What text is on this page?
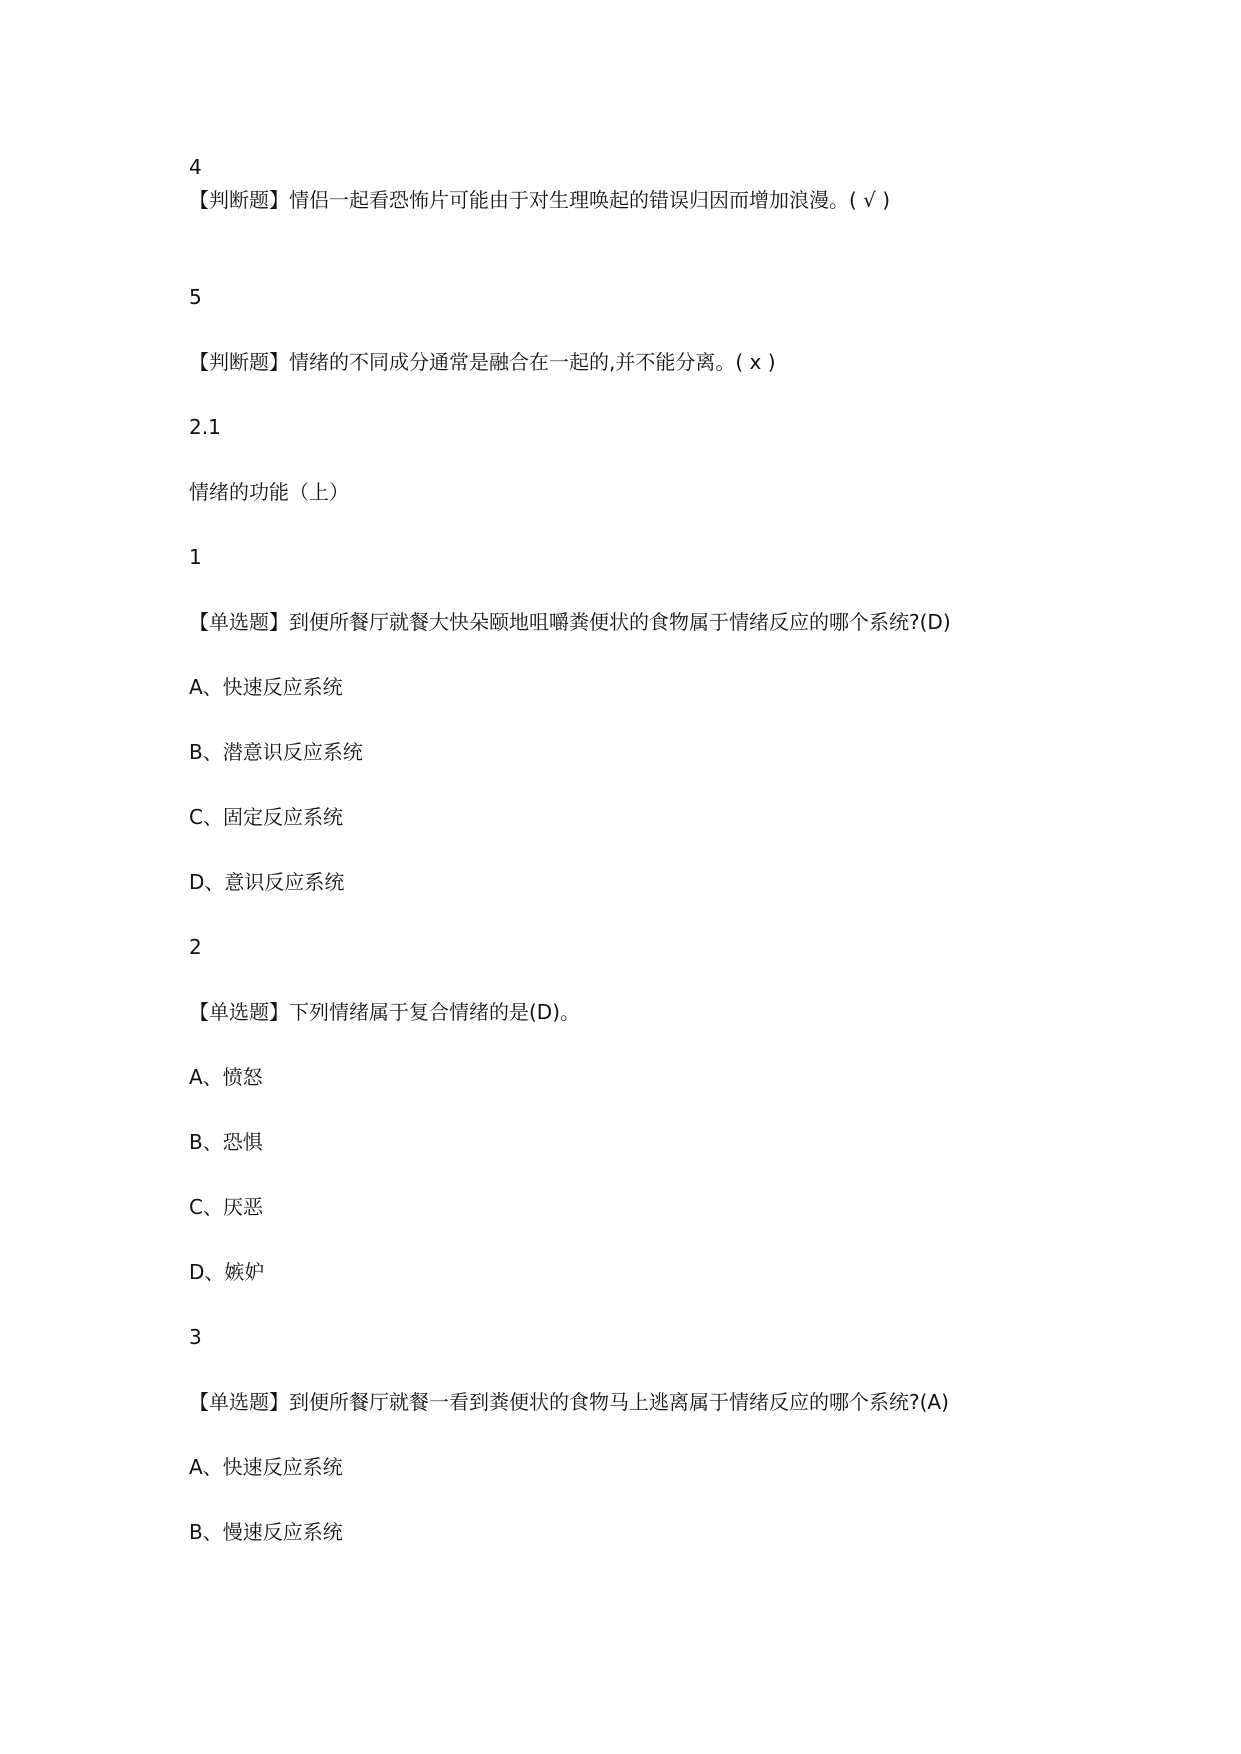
4
【判断题】情侣一起看恐怖片可能由于对生理唤起的错误归因而增加浪漫。( √ )
5
【判断题】情绪的不同成分通常是融合在一起的,并不能分离。( x )
2.1
情绪的功能（上）
1
【单选题】到便所餐厅就餐大快朵颐地咀嚼粪便状的食物属于情绪反应的哪个系统?(D)
A、快速反应系统
B、潜意识反应系统
C、固定反应系统
D、意识反应系统
2
【单选题】下列情绪属于复合情绪的是(D)。
A、愤怒
B、恐惧
C、厌恶
D、嫉妒
3
【单选题】到便所餐厅就餐一看到粪便状的食物马上逃离属于情绪反应的哪个系统?(A)
A、快速反应系统
B、慢速反应系统
